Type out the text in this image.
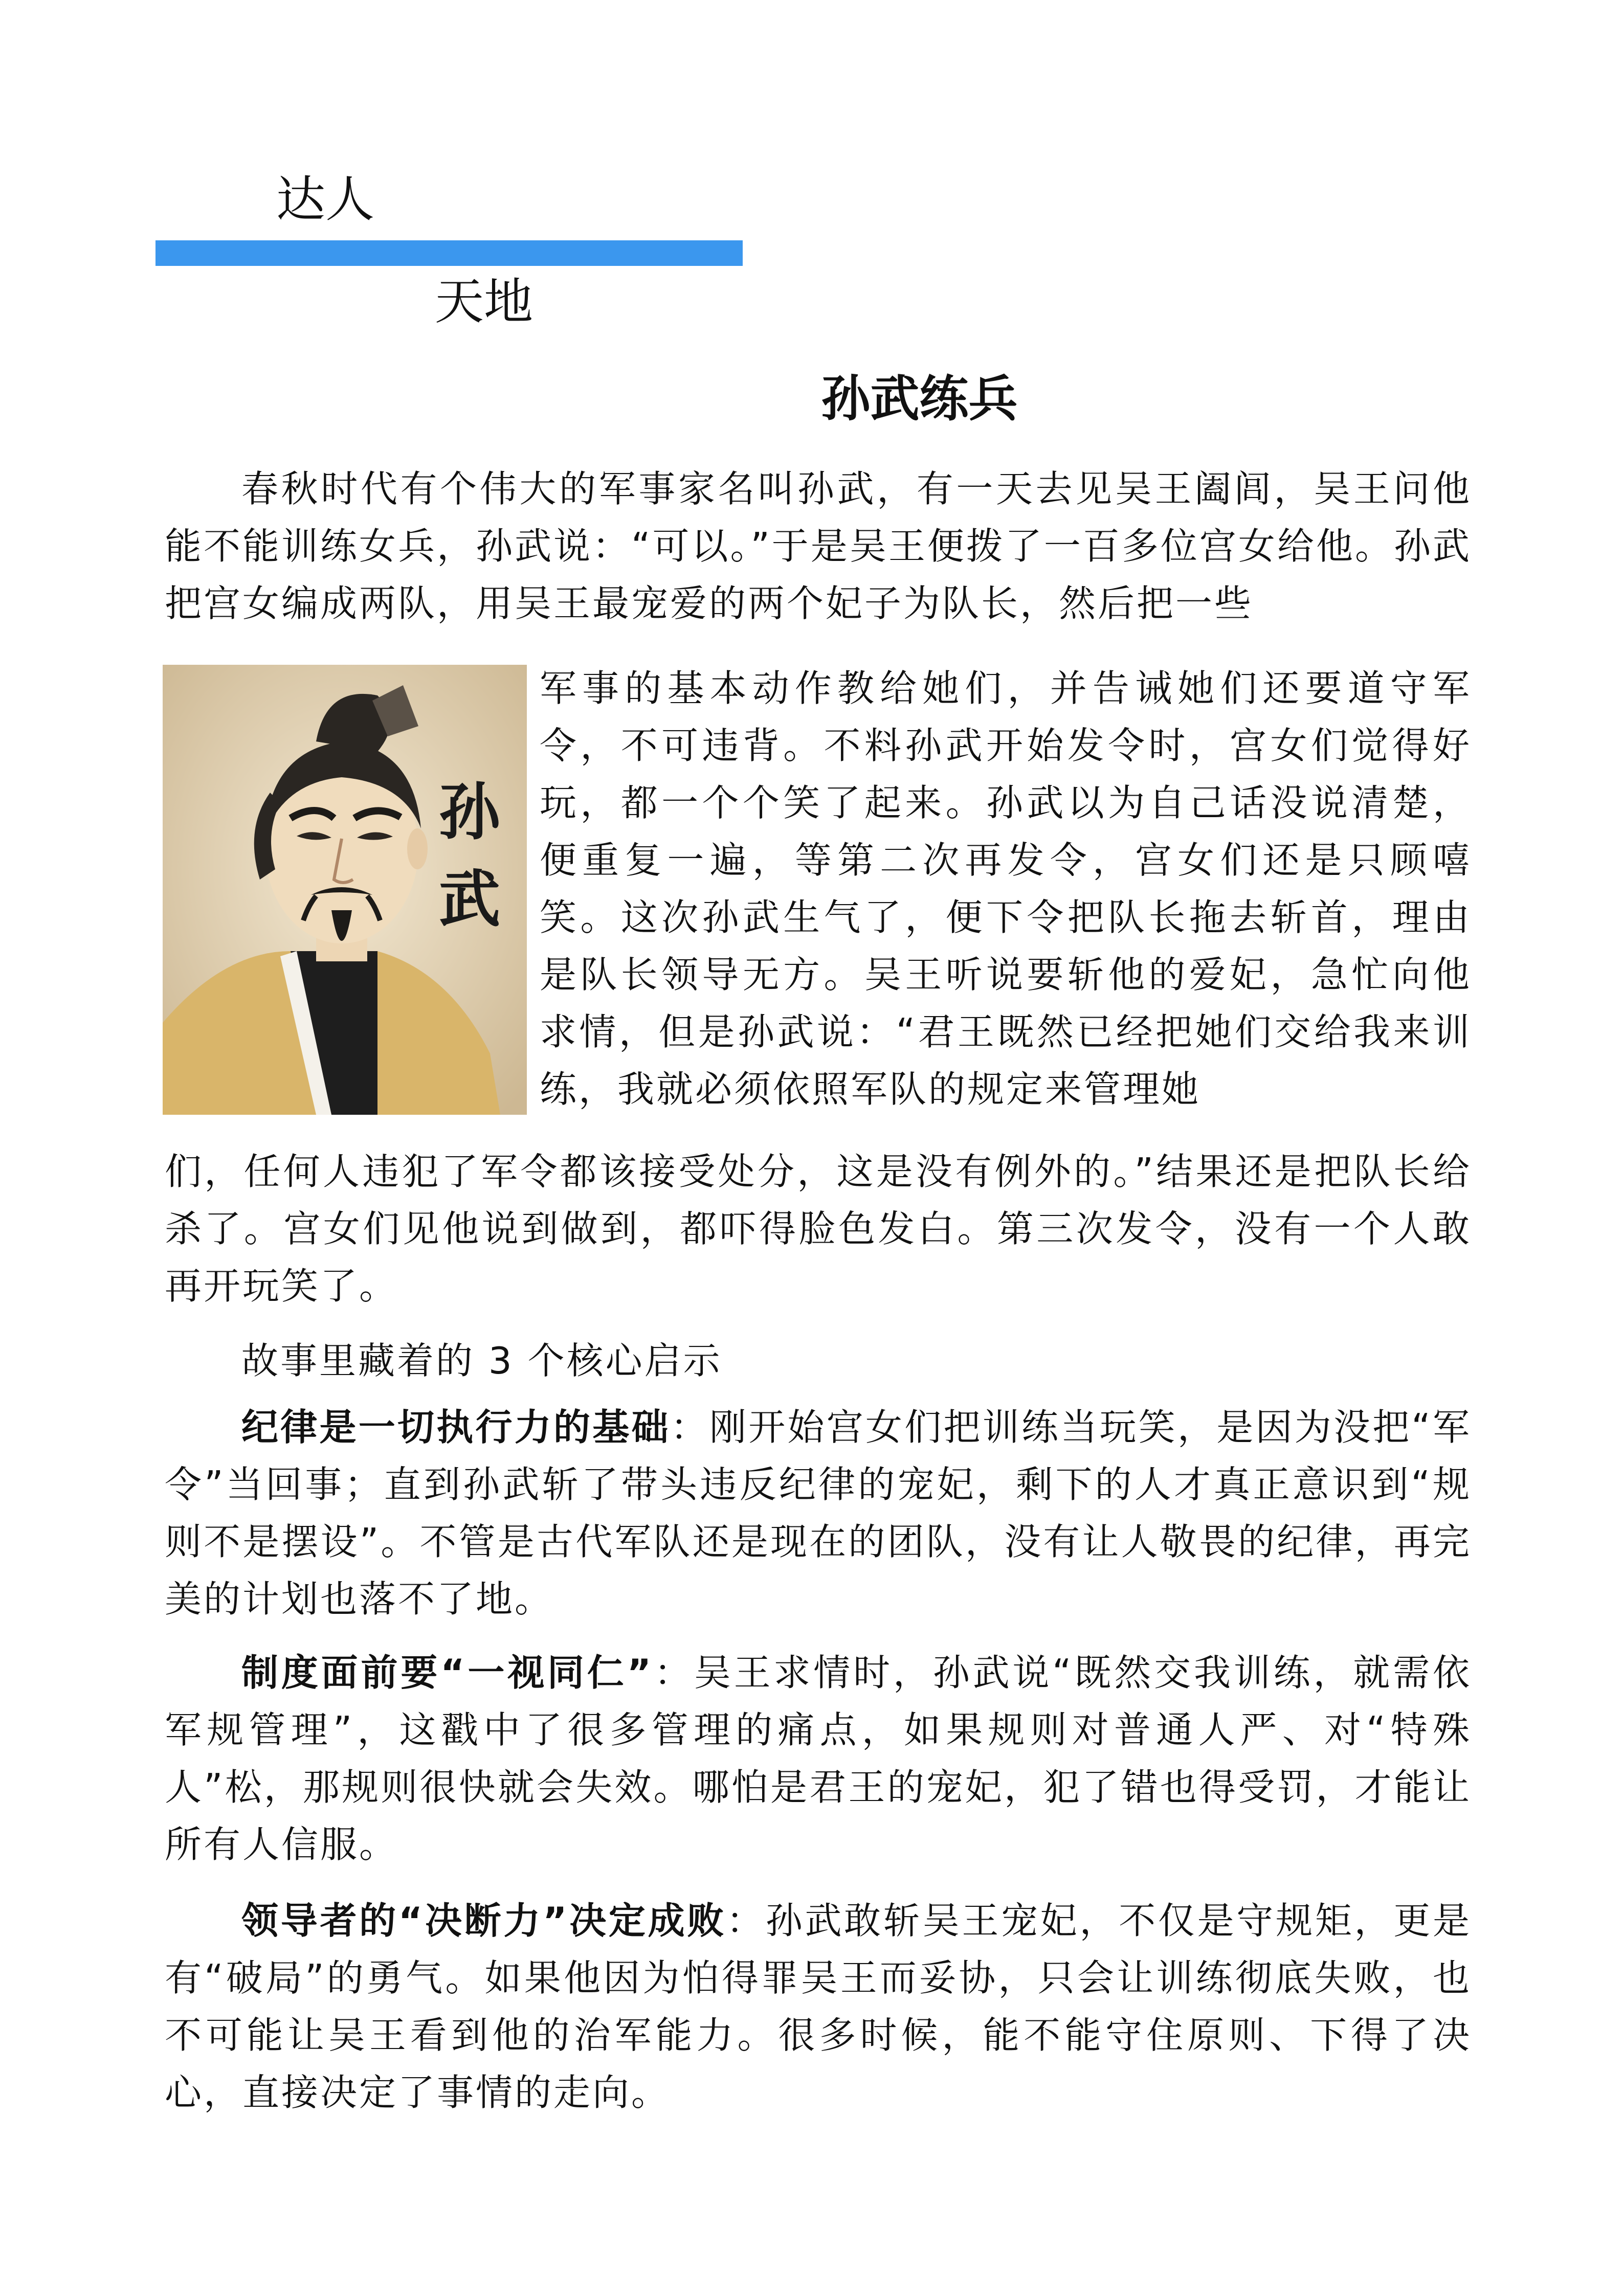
达人
天地
孙武练兵

春秋时代有个伟大的军事家名叫孙武，有一天去见吴王阖闾，吴王问他能不能训练女兵，孙武说：“可以。”于是吴王便拨了一百多位宫女给他。孙武把宫女编成两队，用吴王最宠爱的两个妃子为队长，然后把一些

孙
武

军事的基本动作教给她们，并告诫她们还要道守军令，不可违背。不料孙武开始发令时，宫女们觉得好玩，都一个个笑了起来。孙武以为自己话没说清楚，便重复一遍，等第二次再发令，宫女们还是只顾嘻笑。这次孙武生气了，便下令把队长拖去斩首，理由是队长领导无方。吴王听说要斩他的爱妃，急忙向他求情，但是孙武说：“君王既然已经把她们交给我来训练，我就必须依照军队的规定来管理她

们，任何人违犯了军令都该接受处分，这是没有例外的。”结果还是把队长给杀了。宫女们见他说到做到，都吓得脸色发白。第三次发令，没有一个人敢再开玩笑了。

故事里藏着的 3 个核心启示

纪律是一切执行力的基础：刚开始宫女们把训练当玩笑，是因为没把“军令”当回事；直到孙武斩了带头违反纪律的宠妃，剩下的人才真正意识到“规则不是摆设”。不管是古代军队还是现在的团队，没有让人敬畏的纪律，再完美的计划也落不了地。

制度面前要“一视同仁”：吴王求情时，孙武说“既然交我训练，就需依军规管理”，这戳中了很多管理的痛点，如果规则对普通人严、对“特殊人”松，那规则很快就会失效。哪怕是君王的宠妃，犯了错也得受罚，才能让所有人信服。

领导者的“决断力”决定成败：孙武敢斩吴王宠妃，不仅是守规矩，更是有“破局”的勇气。如果他因为怕得罪吴王而妥协，只会让训练彻底失败，也不可能让吴王看到他的治军能力。很多时候，能不能守住原则、下得了决心，直接决定了事情的走向。
